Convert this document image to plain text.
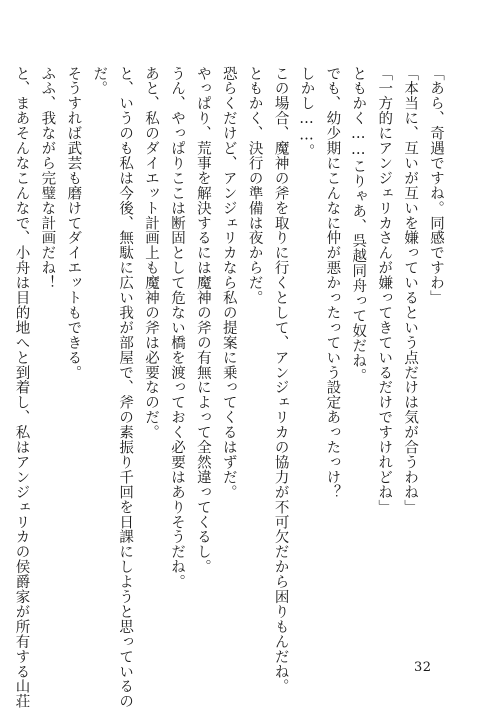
「あら、奇遇ですね。同感ですわ」
「本当に、互いが互いを嫌っているという点だけは気が合うわね」
「一方的にアンジェリカさんが嫌ってきているだけですけれどね」
ともかく……こりゃあ、呉越同舟って奴だね。
でも、幼少期にこんなに仲が悪かったっていう設定あったっけ？
しかし……。
この場合、魔神の斧を取りに行くとして、アンジェリカの協力が不可欠だから困りもんだね。
ともかく、決行の準備は夜からだ。
恐らくだけど、アンジェリカなら私の提案に乗ってくるはずだ。
やっぱり、荒事を解決するには魔神の斧の有無によって全然違ってくるし。
うん、やっぱりここは断固として危ない橋を渡っておく必要はありそうだね。
あと、私のダイエット計画上も魔神の斧は必要なのだ。
と、いうのも私は今後、無駄に広い我が部屋で、斧の素振り千回を日課にしようと思っているの
だ。
そうすれば武芸も磨けてダイエットもできる。
ふふ、我ながら完璧な計画だね！
と、まあそんなこんなで、小舟は目的地へと到着し、私はアンジェリカの侯爵家が所有する山荘	32
